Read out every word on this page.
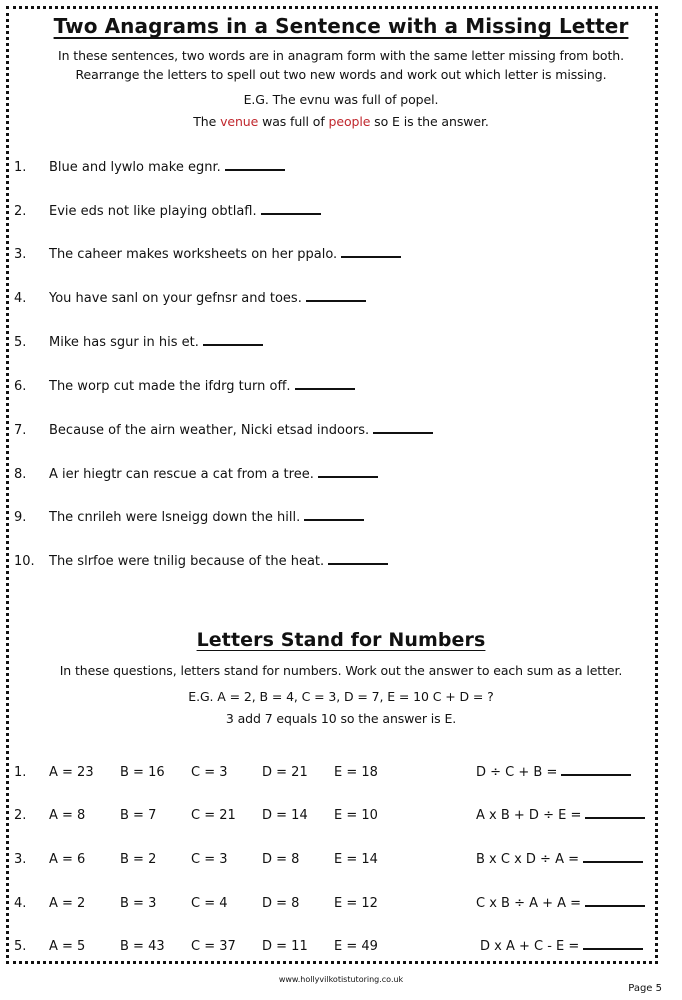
Two Anagrams in a Sentence with a Missing Letter
In these sentences, two words are in anagram form with the same letter missing from both.
Rearrange the letters to spell out two new words and work out which letter is missing.
E.G. The evnu was full of popel.
The venue was full of people so E is the answer.
1. Blue and lywlo make egnr.
2. Evie eds not like playing obtlafl.
3. The caheer makes worksheets on her ppalo.
4. You have sanl on your gefnsr and toes.
5. Mike has sgur in his et.
6. The worp cut made the ifdrg turn off.
7. Because of the airn weather, Nicki etsad indoors.
8. A ier hiegtr can rescue a cat from a tree.
9. The cnrileh were lsneigg down the hill.
10. The slrfoe were tnilig because of the heat.
Letters Stand for Numbers
In these questions, letters stand for numbers. Work out the answer to each sum as a letter.
E.G. A = 2, B = 4, C = 3, D = 7, E = 10 C + D = ?
3 add 7 equals 10 so the answer is E.
1. A = 23 B = 16 C = 3	D = 21 E = 18	D ÷ C + B =
2. A = 8	B = 7	C = 21 D = 14 E = 10	A x B + D ÷ E =
3. A = 6	B = 2	C = 3	D = 8	E = 14	B x C x D ÷ A =
4. A = 2	B = 3	C = 4	D = 8	E = 12	C x B ÷ A + A =
5. A = 5	B = 43 C = 37 D = 11 E = 49	D x A + C - E =
www.hollyvilkotistutoring.co.uk
Page 5
